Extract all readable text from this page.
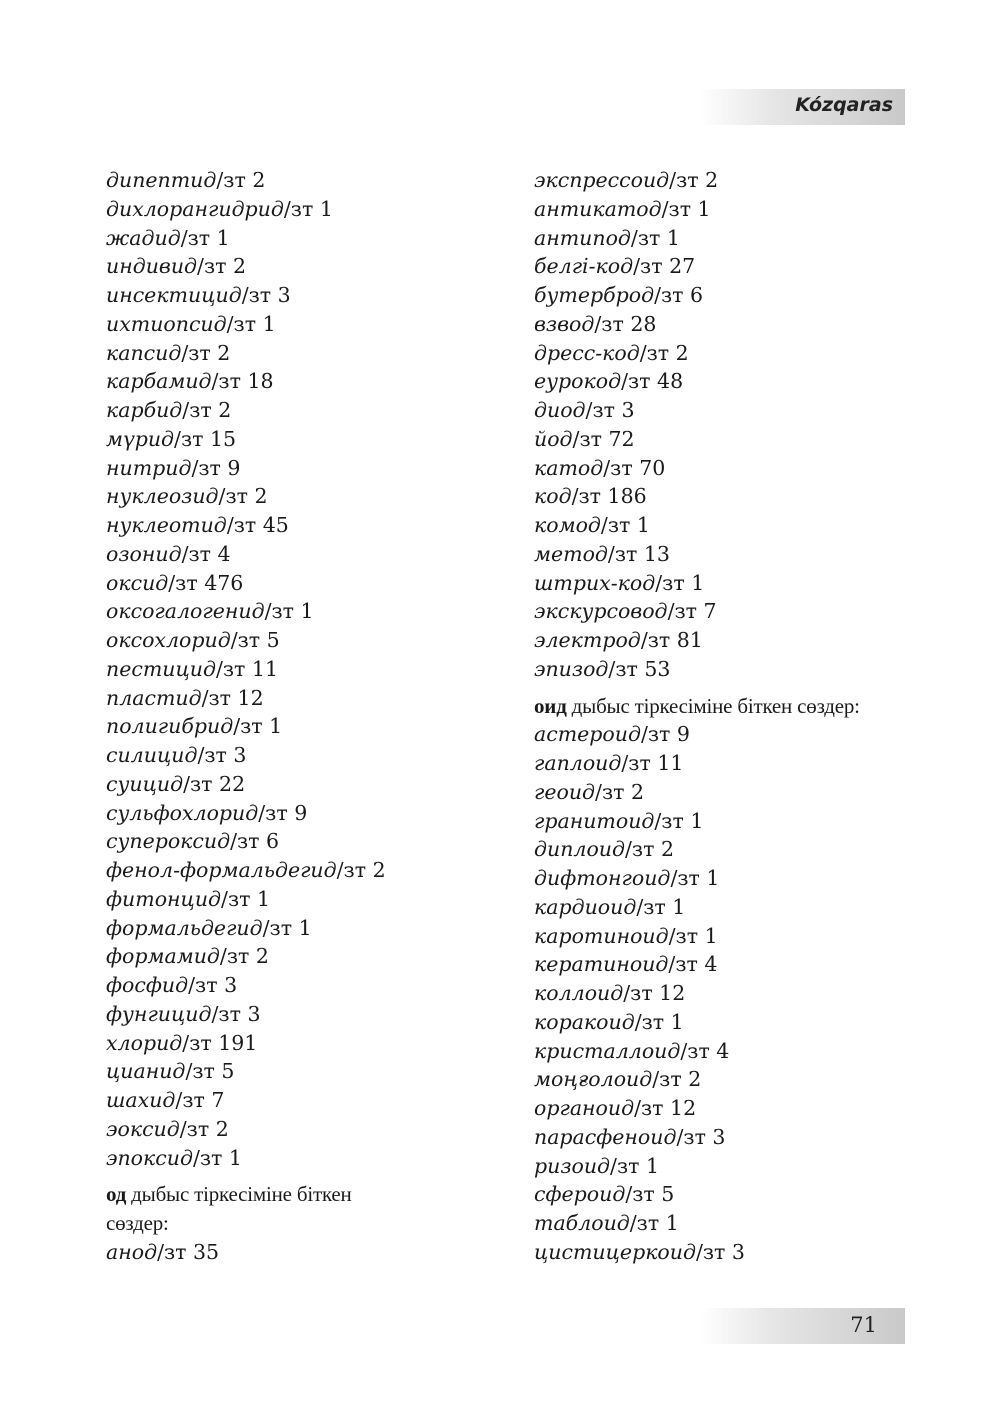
Kózqaras
дипептид/зт 2
дихлорангидрид/зт 1
жадид/зт 1
индивид/зт 2
инсектицид/зт 3
ихтиопсид/зт 1
капсид/зт 2
карбамид/зт 18
карбид/зт 2
мүрид/зт 15
нитрид/зт 9
нуклеозид/зт 2
нуклеотид/зт 45
озонид/зт 4
оксид/зт 476
оксогалогенид/зт 1
оксохлорид/зт 5
пестицид/зт 11
пластид/зт 12
полигибрид/зт 1
силицид/зт 3
суицид/зт 22
сульфохлорид/зт 9
супероксид/зт 6
фенол-формальдегид/зт 2
фитонцид/зт 1
формальдегид/зт 1
формамид/зт 2
фосфид/зт 3
фунгицид/зт 3
хлорид/зт 191
цианид/зт 5
шахид/зт 7
эоксид/зт 2
эпоксид/зт 1
од дыбыс тіркесіміне біткен
сөздер:
анод/зт 35
экспрессоид/зт 2
антикатод/зт 1
антипод/зт 1
белгі-код/зт 27
бутерброд/зт 6
взвод/зт 28
дресс-код/зт 2
еурокод/зт 48
диод/зт 3
йод/зт 72
катод/зт 70
код/зт 186
комод/зт 1
метод/зт 13
штрих-код/зт 1
экскурсовод/зт 7
электрод/зт 81
эпизод/зт 53
оид дыбыс тіркесіміне біткен сөздер:
астероид/зт 9
гаплоид/зт 11
геоид/зт 2
гранитоид/зт 1
диплоид/зт 2
дифтонгоид/зт 1
кардиоид/зт 1
каротиноид/зт 1
кератиноид/зт 4
коллоид/зт 12
коракоид/зт 1
кристаллоид/зт 4
моңғолоид/зт 2
органоид/зт 12
парасфеноид/зт 3
ризоид/зт 1
сфероид/зт 5
таблоид/зт 1
цистицеркоид/зт 3
71
